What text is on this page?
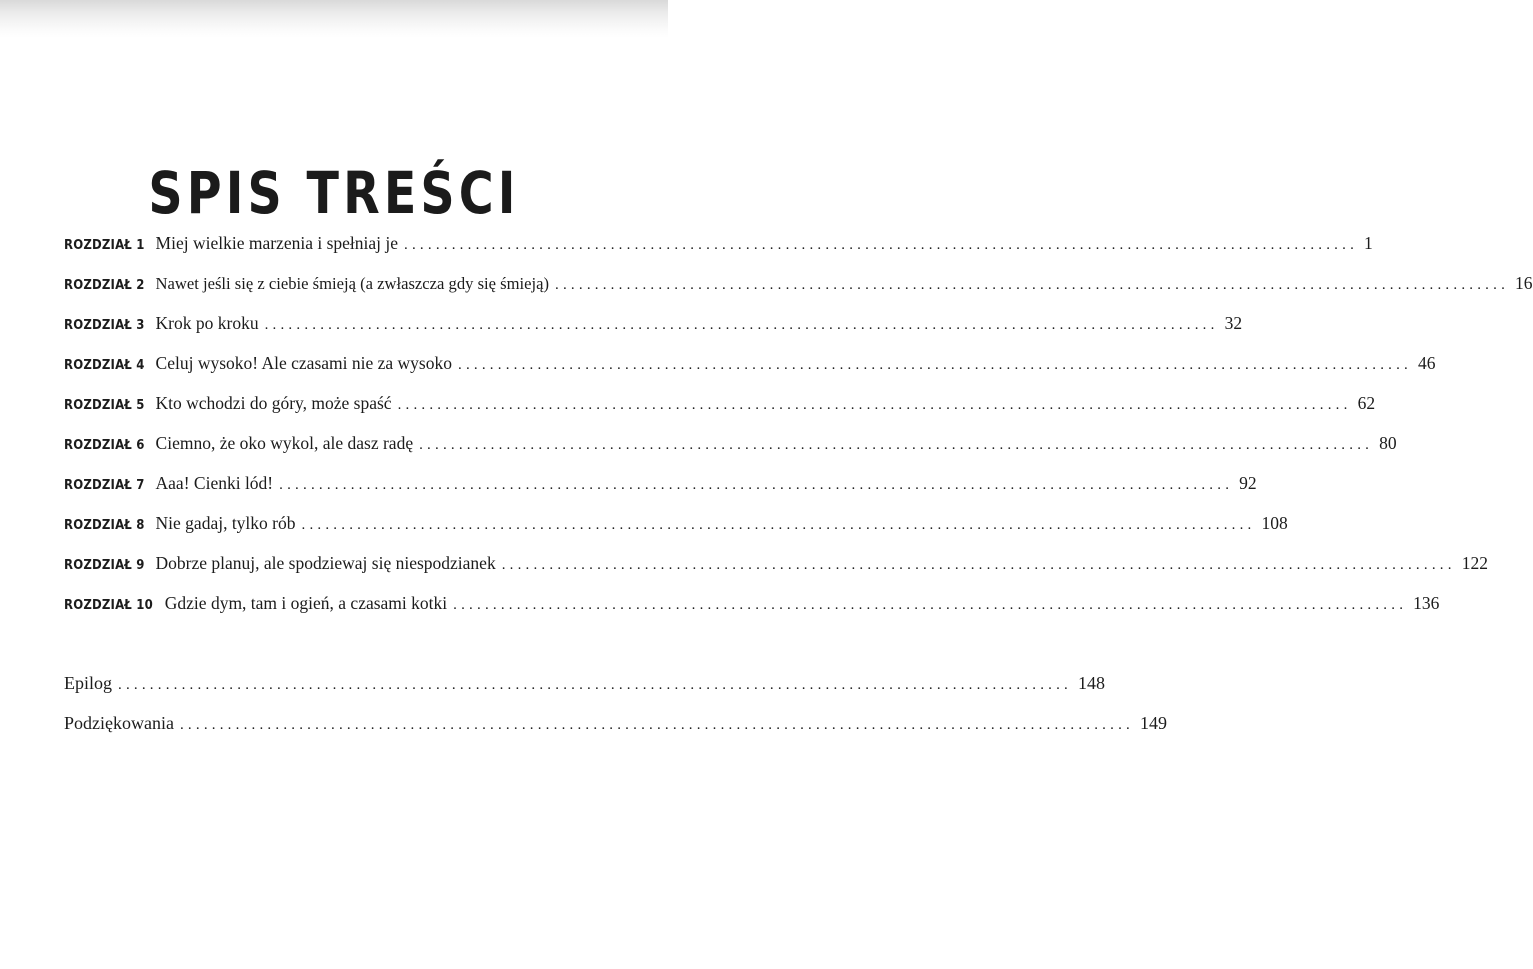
SPIS TREŚCI
ROZDZIAŁ 1 Miej wielkie marzenia i spełniaj je ........................................................................................................................ 1
ROZDZIAŁ 2 Nawet jeśli się z ciebie śmieją (a zwłaszcza gdy się śmieją) ........................................................................................................................ 16
ROZDZIAŁ 3 Krok po kroku ........................................................................................................................ 32
ROZDZIAŁ 4 Celuj wysoko! Ale czasami nie za wysoko ........................................................................................................................ 46
ROZDZIAŁ 5 Kto wchodzi do góry, może spaść ........................................................................................................................ 62
ROZDZIAŁ 6 Ciemno, że oko wykol, ale dasz radę ........................................................................................................................ 80
ROZDZIAŁ 7 Aaa! Cienki lód! ........................................................................................................................ 92
ROZDZIAŁ 8 Nie gadaj, tylko rób ........................................................................................................................ 108
ROZDZIAŁ 9 Dobrze planuj, ale spodziewaj się niespodzianek ........................................................................................................................ 122
ROZDZIAŁ 10 Gdzie dym, tam i ogień, a czasami kotki ........................................................................................................................ 136
Epilog ........................................................................................................................ 148
Podziękowania ........................................................................................................................ 149
